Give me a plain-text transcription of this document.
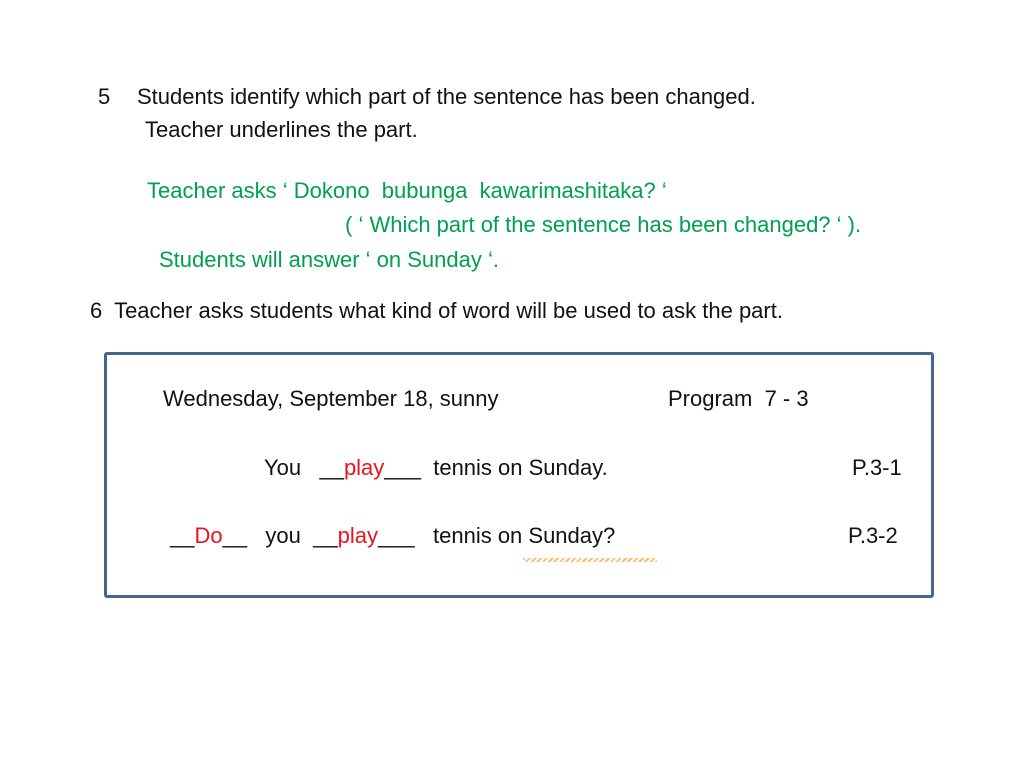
5 Students identify which part of the sentence has been changed.
Teacher underlines the part.
Teacher asks ‘ Dokono  bubunga  kawarimashitaka? ‘
( ‘ Which part of the sentence has been changed? ‘ ).
Students will answer ‘ on Sunday ‘.
6  Teacher asks students what kind of word will be used to ask the part.
Wednesday, September 18, sunny	Program  7 - 3
You   __play___  tennis on Sunday.	P.3-1
__Do__   you  __play___   tennis on Sunday?	P.3-2
